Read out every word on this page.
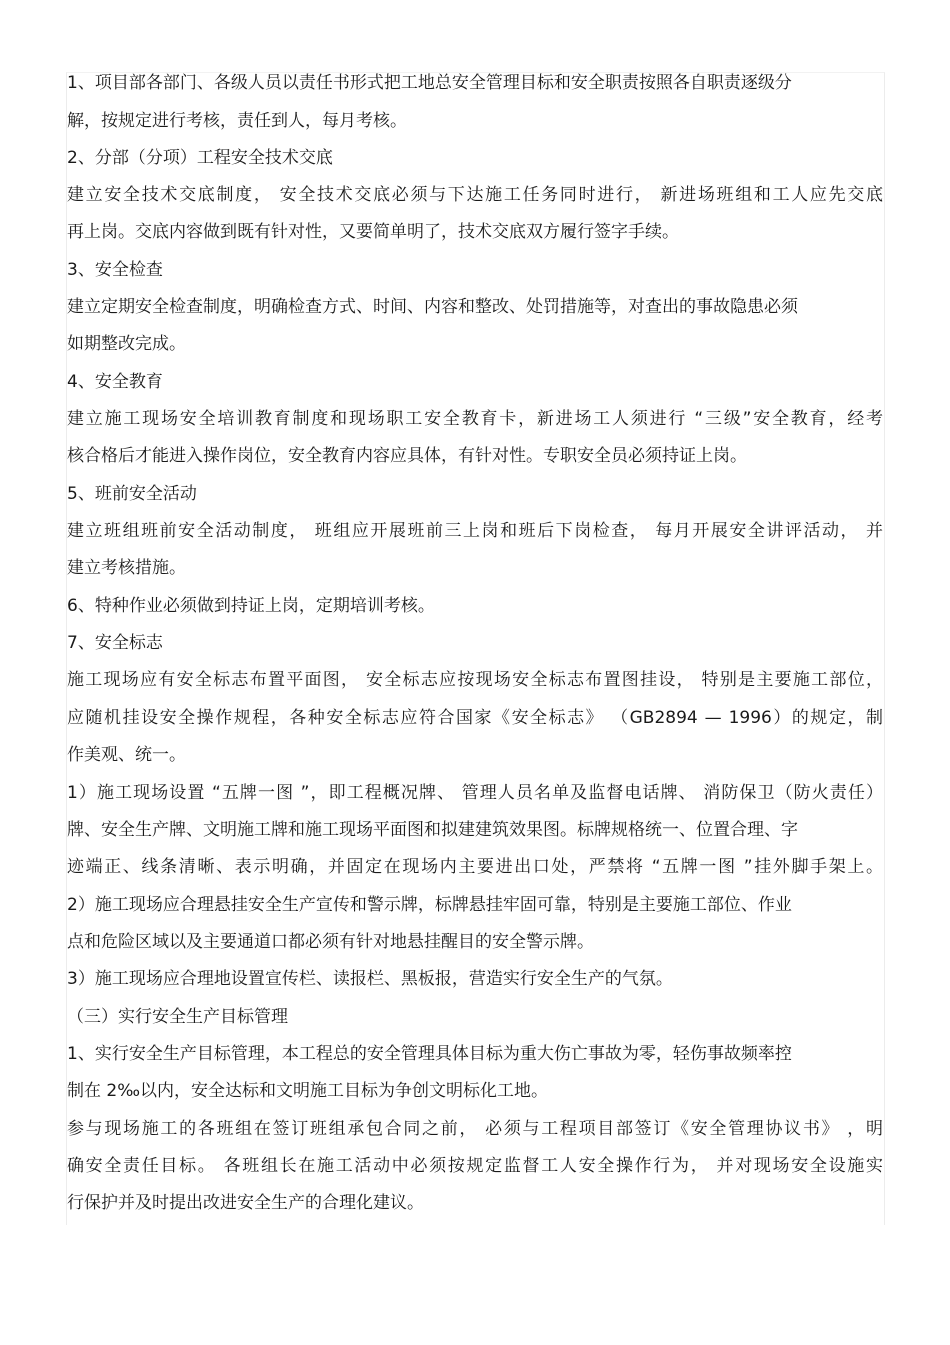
1、项目部各部门、各级人员以责任书形式把工地总安全管理目标和安全职责按照各自职责逐级分
解，按规定进行考核，责任到人，每月考核。
2、分部（分项）工程安全技术交底
建立安全技术交底制度， 安全技术交底必须与下达施工任务同时进行， 新进场班组和工人应先交底
再上岗。交底内容做到既有针对性，又要简单明了，技术交底双方履行签字手续。
3、安全检查
建立定期安全检查制度，明确检查方式、时间、内容和整改、处罚措施等，对查出的事故隐患必须
如期整改完成。
4、安全教育
建立施工现场安全培训教育制度和现场职工安全教育卡，新进场工人须进行 “三级”安全教育，经考
核合格后才能进入操作岗位，安全教育内容应具体，有针对性。专职安全员必须持证上岗。
5、班前安全活动
建立班组班前安全活动制度， 班组应开展班前三上岗和班后下岗检查， 每月开展安全讲评活动， 并
建立考核措施。
6、特种作业必须做到持证上岗，定期培训考核。
7、安全标志
施工现场应有安全标志布置平面图， 安全标志应按现场安全标志布置图挂设， 特别是主要施工部位，
应随机挂设安全操作规程，各种安全标志应符合国家《安全标志》 （GB2894 — 1996）的规定，制
作美观、统一。
1）施工现场设置 “五牌一图 ”，即工程概况牌、 管理人员名单及监督电话牌、 消防保卫（防火责任）
牌、安全生产牌、文明施工牌和施工现场平面图和拟建建筑效果图。标牌规格统一、位置合理、字
迹端正、线条清晰、表示明确，并固定在现场内主要进出口处，严禁将 “五牌一图 ”挂外脚手架上。
2）施工现场应合理悬挂安全生产宣传和警示牌，标牌悬挂牢固可靠，特别是主要施工部位、作业
点和危险区域以及主要通道口都必须有针对地悬挂醒目的安全警示牌。
3）施工现场应合理地设置宣传栏、读报栏、黑板报，营造实行安全生产的气氛。
（三）实行安全生产目标管理
1、实行安全生产目标管理，本工程总的安全管理具体目标为重大伤亡事故为零，轻伤事故频率控
制在 2‰以内，安全达标和文明施工目标为争创文明标化工地。
参与现场施工的各班组在签订班组承包合同之前， 必须与工程项目部签订《安全管理协议书》 ，明
确安全责任目标。 各班组长在施工活动中必须按规定监督工人安全操作行为， 并对现场安全设施实
行保护并及时提出改进安全生产的合理化建议。
